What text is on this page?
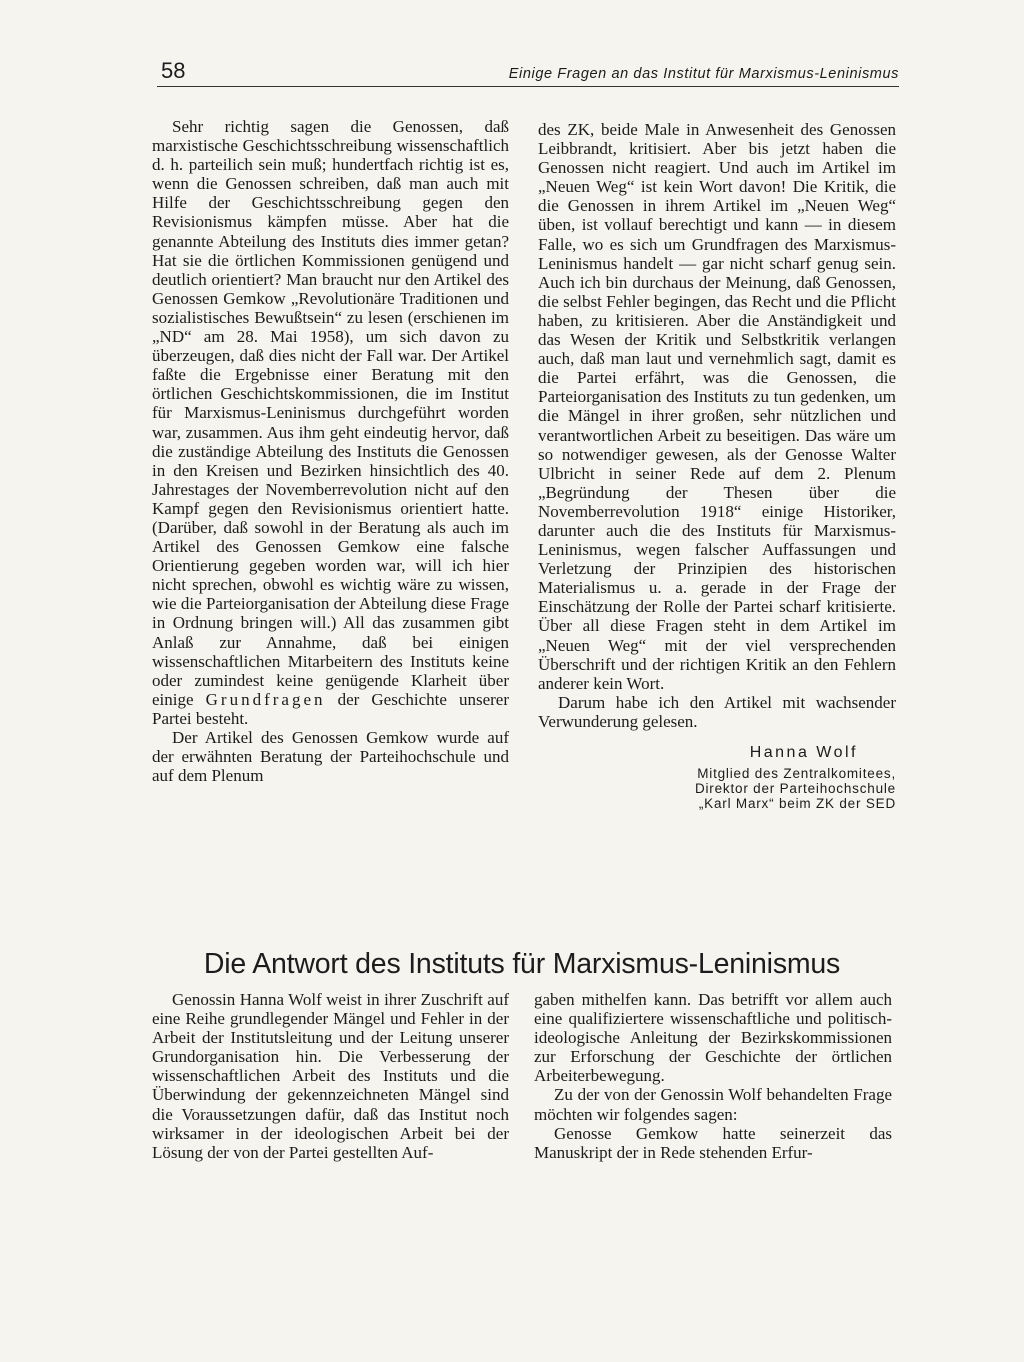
58	Einige Fragen an das Institut für Marxismus-Leninismus

Sehr richtig sagen die Genossen, daß marxistische Geschichtsschreibung wissenschaftlich d. h. parteilich sein muß; hundertfach richtig ist es, wenn die Genossen schreiben, daß man auch mit Hilfe der Geschichtsschreibung gegen den Revisionismus kämpfen müsse. Aber hat die genannte Abteilung des Instituts dies immer getan? Hat sie die örtlichen Kommissionen genügend und deutlich orientiert? Man braucht nur den Artikel des Genossen Gemkow „Revolutionäre Traditionen und sozialistisches Bewußtsein“ zu lesen (erschienen im „ND“ am 28. Mai 1958), um sich davon zu überzeugen, daß dies nicht der Fall war. Der Artikel faßte die Ergebnisse einer Beratung mit den örtlichen Geschichtskommissionen, die im Institut für Marxismus-Leninismus durchgeführt worden war, zusammen. Aus ihm geht eindeutig hervor, daß die zuständige Abteilung des Instituts die Genossen in den Kreisen und Bezirken hinsichtlich des 40. Jahrestages der Novemberrevolution nicht auf den Kampf gegen den Revisionismus orientiert hatte. (Darüber, daß sowohl in der Beratung als auch im Artikel des Genossen Gemkow eine falsche Orientierung gegeben worden war, will ich hier nicht sprechen, obwohl es wichtig wäre zu wissen, wie die Parteiorganisation der Abteilung diese Frage in Ordnung bringen will.) All das zusammen gibt Anlaß zur Annahme, daß bei einigen wissenschaftlichen Mitarbeitern des Instituts keine oder zumindest keine genügende Klarheit über einige Grundfragen der Geschichte unserer Partei besteht.

Der Artikel des Genossen Gemkow wurde auf der erwähnten Beratung der Parteihochschule und auf dem Plenum

des ZK, beide Male in Anwesenheit des Genossen Leibbrandt, kritisiert. Aber bis jetzt haben die Genossen nicht reagiert. Und auch im Artikel im „Neuen Weg“ ist kein Wort davon! Die Kritik, die die Genossen in ihrem Artikel im „Neuen Weg“ üben, ist vollauf berechtigt und kann — in diesem Falle, wo es sich um Grundfragen des Marxismus-Leninismus handelt — gar nicht scharf genug sein. Auch ich bin durchaus der Meinung, daß Genossen, die selbst Fehler begingen, das Recht und die Pflicht haben, zu kritisieren. Aber die Anständigkeit und das Wesen der Kritik und Selbstkritik verlangen auch, daß man laut und vernehmlich sagt, damit es die Partei erfährt, was die Genossen, die Parteiorganisation des Instituts zu tun gedenken, um die Mängel in ihrer großen, sehr nützlichen und verantwortlichen Arbeit zu beseitigen. Das wäre um so notwendiger gewesen, als der Genosse Walter Ulbricht in seiner Rede auf dem 2. Plenum „Begründung der Thesen über die Novemberrevolution 1918“ einige Historiker, darunter auch die des Instituts für Marxismus-Leninismus, wegen falscher Auffassungen und Verletzung der Prinzipien des historischen Materialismus u. a. gerade in der Frage der Einschätzung der Rolle der Partei scharf kritisierte. Über all diese Fragen steht in dem Artikel im „Neuen Weg“ mit der viel versprechenden Überschrift und der richtigen Kritik an den Fehlern anderer kein Wort.

Darum habe ich den Artikel mit wachsender Verwunderung gelesen.

Hanna Wolf
Mitglied des Zentralkomitees,
Direktor der Parteihochschule
„Karl Marx“ beim ZK der SED
Die Antwort des Instituts für Marxismus-Leninismus

Genossin Hanna Wolf weist in ihrer Zuschrift auf eine Reihe grundlegender Mängel und Fehler in der Arbeit der Institutsleitung und der Leitung unserer Grundorganisation hin. Die Verbesserung der wissenschaftlichen Arbeit des Instituts und die Überwindung der gekennzeichneten Mängel sind die Voraussetzungen dafür, daß das Institut noch wirksamer in der ideologischen Arbeit bei der Lösung der von der Partei gestellten Auf-

gaben mithelfen kann. Das betrifft vor allem auch eine qualifiziertere wissenschaftliche und politisch-ideologische Anleitung der Bezirkskommissionen zur Erforschung der Geschichte der örtlichen Arbeiterbewegung.

Zu der von der Genossin Wolf behandelten Frage möchten wir folgendes sagen:

Genosse Gemkow hatte seinerzeit das Manuskript der in Rede stehenden Erfur-
